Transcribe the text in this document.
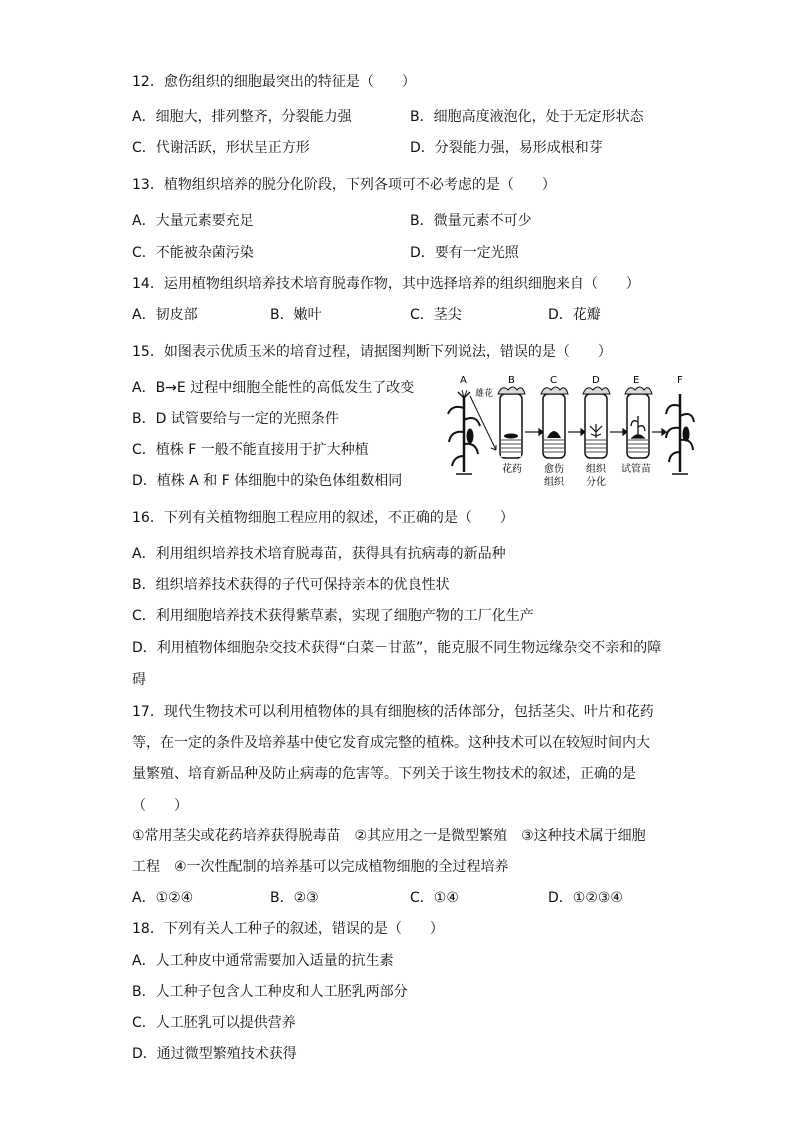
12．愈伤组织的细胞最突出的特征是（　　）
A．细胞大，排列整齐，分裂能力强	B．细胞高度液泡化，处于无定形状态
C．代谢活跃，形状呈正方形	D．分裂能力强，易形成根和芽
13．植物组织培养的脱分化阶段，下列各项可不必考虑的是（　　）
A．大量元素要充足	B．微量元素不可少
C．不能被杂菌污染	D．要有一定光照
14．运用植物组织培养技术培育脱毒作物，其中选择培养的组织细胞来自（　　）
A．韧皮部	B．嫩叶	C．茎尖	D．花瓣
15．如图表示优质玉米的培育过程，请据图判断下列说法，错误的是（　　）
A．B→E 过程中细胞全能性的高低发生了改变
B．D 试管要给与一定的光照条件
C．植株 F 一般不能直接用于扩大种植
D．植株 A 和 F 体细胞中的染色体组数相同
A	B	C	D	E	F
雄花
花药 愈伤
组织
组织
分化
试管苗
16．下列有关植物细胞工程应用的叙述，不正确的是（　　）
A．利用组织培养技术培育脱毒苗，获得具有抗病毒的新品种
B．组织培养技术获得的子代可保持亲本的优良性状
C．利用细胞培养技术获得紫草素，实现了细胞产物的工厂化生产
D．利用植物体细胞杂交技术获得“白菜－甘蓝”，能克服不同生物远缘杂交不亲和的障
碍
17．现代生物技术可以利用植物体的具有细胞核的活体部分，包括茎尖、叶片和花药
等，在一定的条件及培养基中使它发育成完整的植株。这种技术可以在较短时间内大
量繁殖、培育新品种及防止病毒的危害等。下列关于该生物技术的叙述，正确的是
（　　）
①常用茎尖或花药培养获得脱毒苗　②其应用之一是微型繁殖　③这种技术属于细胞
工程　④一次性配制的培养基可以完成植物细胞的全过程培养
A．①②④	B．②③	C．①④	D．①②③④
18．下列有关人工种子的叙述，错误的是（　　）
A．人工种皮中通常需要加入适量的抗生素
B．人工种子包含人工种皮和人工胚乳两部分
C．人工胚乳可以提供营养
D．通过微型繁殖技术获得
